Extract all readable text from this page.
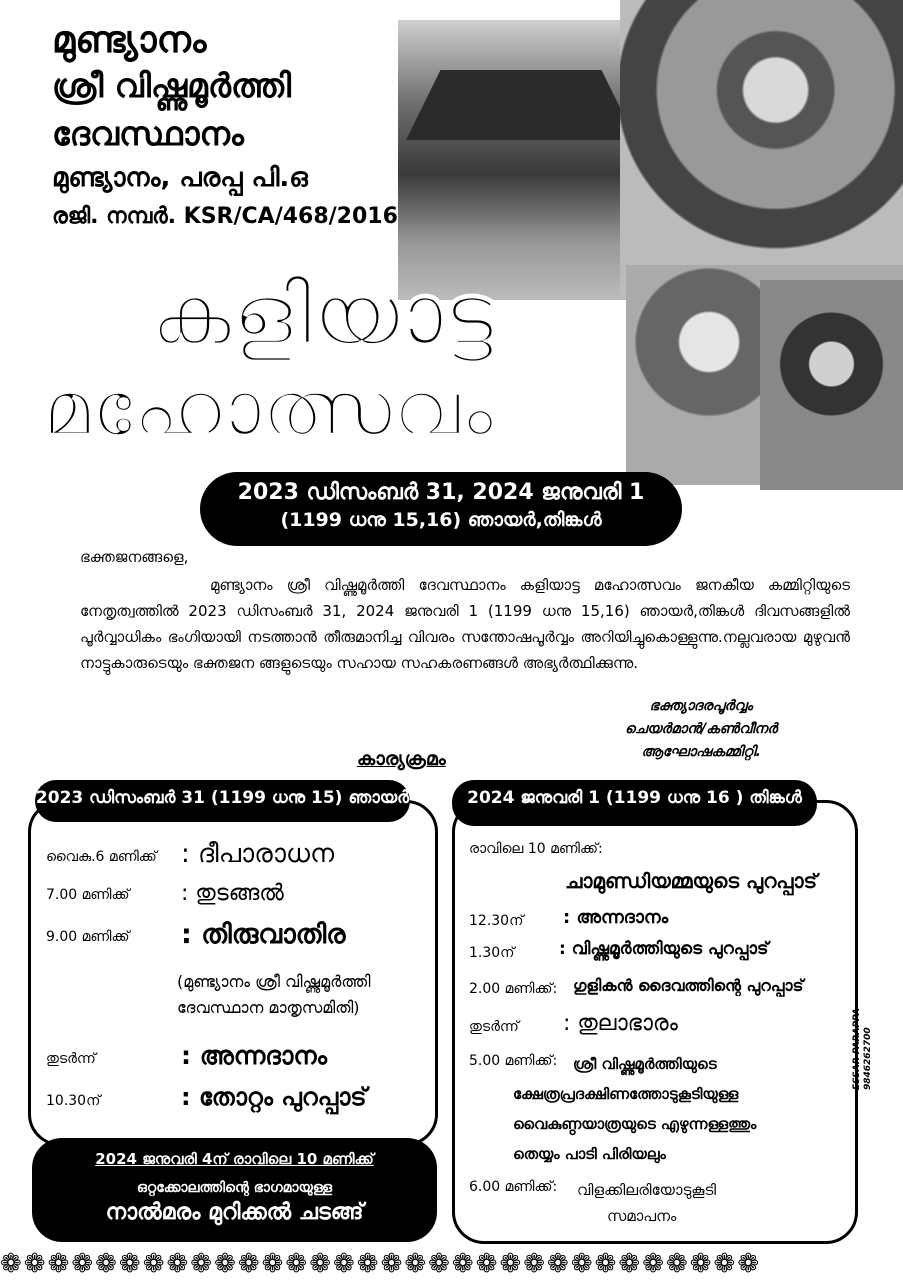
മുണ്ട്യാനം
ശ്രീ വിഷ്ണുമൂർത്തി
ദേവസ്ഥാനം
മുണ്ട്യാനം, പരപ്പ പി.ഒ
രജി. നമ്പർ. KSR/CA/468/2016
കളിയാട്ട
മഹോത്സവം
2023 ഡിസംബർ 31, 2024 ജനുവരി 1
(1199 ധനു 15,16) ഞായർ,തിങ്കൾ
ഭക്തജനങ്ങളെ,

മുണ്ട്യാനം ശ്രീ വിഷ്ണുമൂർത്തി ദേവസ്ഥാനം കളിയാട്ട മഹോത്സവം ജനകീയ കമ്മിറ്റിയുടെ നേതൃത്വത്തിൽ 2023 ഡിസംബർ 31, 2024 ജനുവരി 1 (1199 ധനു 15,16) ഞായർ,തിങ്കൾ ദിവസങ്ങളിൽ പൂർവ്വാധികം ഭംഗിയായി നടത്താൻ തീരുമാനിച്ച വിവരം സന്തോഷപൂർവ്വം അറിയിച്ചുകൊള്ളുന്നു.നല്ലവരായ മുഴുവൻ നാട്ടുകാരുടെയും ഭക്തജന ങ്ങളുടെയും സഹായ സഹകരണങ്ങൾ അഭ്യർത്ഥിക്കുന്നു.

ഭക്ത്യാദരപൂർവ്വം
ചെയർമാൻ/കൺവീനർ
ആഘോഷകമ്മിറ്റി.
കാര്യക്രമം
വൈകു.6 മണിക്ക് : ദീപാരാധന
7.00 മണിക്ക് : തുടങ്ങൽ
9.00 മണിക്ക് : തിരുവാതിര
(മുണ്ട്യാനം ശ്രീ വിഷ്ണുമൂർത്തി
ദേവസ്ഥാന മാതൃസമിതി)
തുടർന്ന്	: അന്നദാനം
10.30ന്	: തോറ്റം പുറപ്പാട്
2023 ഡിസംബർ 31 (1199 ധനു 15) ഞായർ
രാവിലെ 10 മണിക്ക്:
ചാമുണ്ഡിയമ്മയുടെ പുറപ്പാട്
12.30ന് : അന്നദാനം
1.30ന്	: വിഷ്ണുമൂർത്തിയുടെ പുറപ്പാട്
2.00 മണിക്ക്: ഗുളികൻ ദൈവത്തിന്റെ പുറപ്പാട്
തുടർന്ന് : തുലാഭാരം
5.00 മണിക്ക്: ശ്രീ വിഷ്ണുമൂർത്തിയുടെ
ക്ഷേത്രപ്രദക്ഷിണത്തോടുകൂടിയുള്ള
വൈകുണ്ഠയാത്രയുടെ എഴുന്നള്ളത്തും
തെയ്യം പാടി പിരിയലും
6.00 മണിക്ക്: വിളക്കിലരിയോടുകൂടി
സമാപനം
2024 ജനുവരി 1 (1199 ധനു 16 ) തിങ്കൾ
2024 ജനുവരി 4ന് രാവിലെ 10 മണിക്ക്
ഒറ്റക്കോലത്തിന്റെ ഭാഗമായുള്ള
നാൽമരം മുറിക്കൽ ചടങ്ങ്
ESSAR PARAPPA 9846262700
❁❁❁❁❁❁❁❁❁❁❁❁❁❁❁❁❁❁❁❁❁❁❁❁❁❁❁❁❁❁❁❁
